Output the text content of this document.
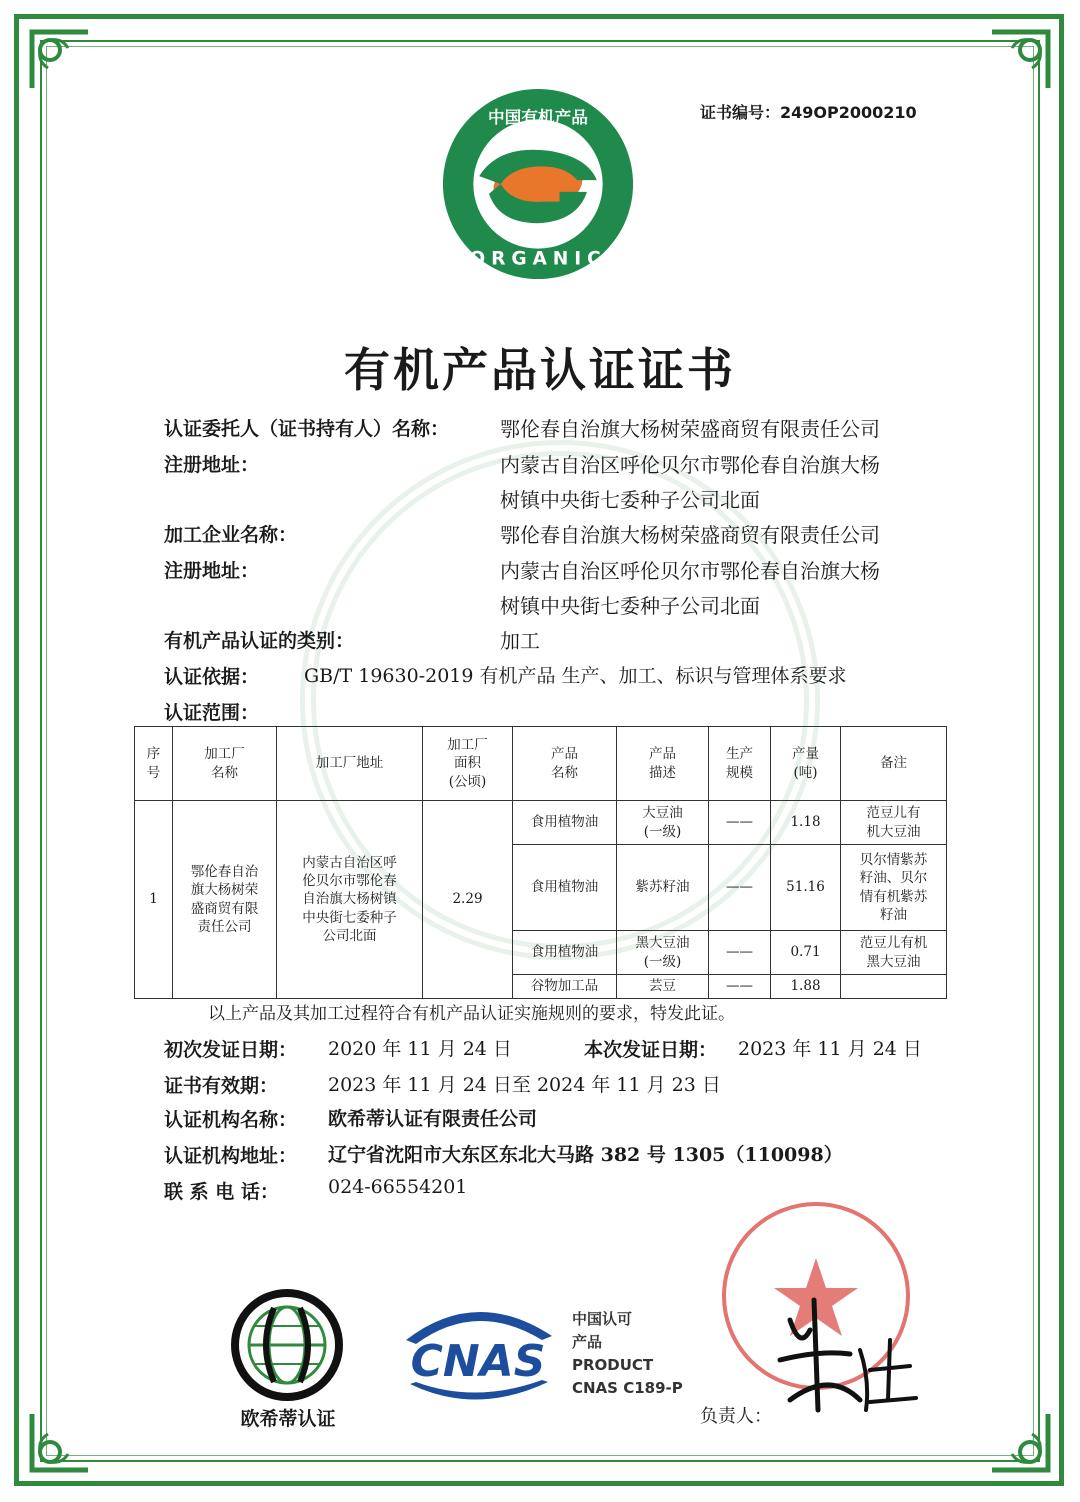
证书编号：249OP2000210
中国有机产品
ORGANIC
有机产品认证证书
认证委托人（证书持有人）名称：	鄂伦春自治旗大杨树荣盛商贸有限责任公司
注册地址：	内蒙古自治区呼伦贝尔市鄂伦春自治旗大杨
树镇中央街七委种子公司北面
加工企业名称：	鄂伦春自治旗大杨树荣盛商贸有限责任公司
注册地址：	内蒙古自治区呼伦贝尔市鄂伦春自治旗大杨
树镇中央街七委种子公司北面
有机产品认证的类别：	加工
认证依据： GB/T 19630-2019 有机产品 生产、加工、标识与管理体系要求
认证范围：
序
号	加工厂
名称	加工厂地址	加工厂
面积
(公顷)	产品
名称	产品
描述	生产
规模	产量
(吨)	备注
1	鄂伦春自治
旗大杨树荣
盛商贸有限
责任公司	内蒙古自治区呼
伦贝尔市鄂伦春
自治旗大杨树镇
中央街七委种子
公司北面	2.29	食用植物油	大豆油
(一级)	——	1.18	范豆儿有
机大豆油
				食用植物油	紫苏籽油	——	51.16	贝尔情紫苏
籽油、贝尔
情有机紫苏
籽油
				食用植物油	黑大豆油
(一级)	——	0.71	范豆儿有机
黑大豆油
				谷物加工品	芸豆	——	1.88	
以上产品及其加工过程符合有机产品认证实施规则的要求，特发此证。
初次发证日期： 2020 年 11 月 24 日	本次发证日期： 2023 年 11 月 24 日
证书有效期：	2023 年 11 月 24 日至 2024 年 11 月 23 日
认证机构名称： 欧希蒂认证有限责任公司
认证机构地址： 辽宁省沈阳市大东区东北大马路 382 号 1305（110098）
联 系 电 话：	024-66554201
欧希蒂认证
CNAS
中国认可
产品
PRODUCT
CNAS C189-P
负责人：
